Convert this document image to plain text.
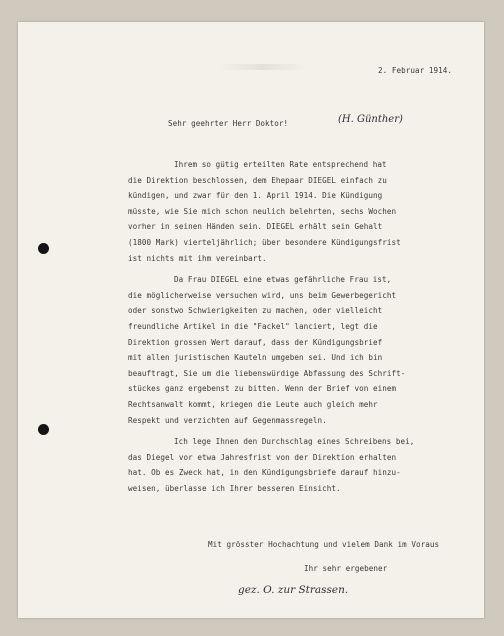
2. Februar 1914.

Sehr geehrter Herr Doktor!	(H. Günther)

Ihrem so gütig erteilten Rate entsprechend hat
die Direktion beschlossen, dem Ehepaar DIEGEL einfach zu
kündigen, und zwar für den 1. April 1914. Die Kündigung
müsste, wie Sie mich schon neulich belehrten, sechs Wochen
vorher in seinen Händen sein. DIEGEL erhält sein Gehalt
(1800 Mark) vierteljährlich; über besondere Kündigungsfrist
ist nichts mit ihm vereinbart.
Da Frau DIEGEL eine etwas gefährliche Frau ist,
die möglicherweise versuchen wird, uns beim Gewerbegericht
oder sonstwo Schwierigkeiten zu machen, oder vielleicht
freundliche Artikel in die "Fackel" lanciert, legt die
Direktion grossen Wert darauf, dass der Kündigungsbrief
mit allen juristischen Kauteln umgeben sei. Und ich bin
beauftragt, Sie um die liebenswürdige Abfassung des Schrift-
stückes ganz ergebenst zu bitten. Wenn der Brief von einem
Rechtsanwalt kommt, kriegen die Leute auch gleich mehr
Respekt und verzichten auf Gegenmassregeln.
Ich lege Ihnen den Durchschlag eines Schreibens bei,
das Diegel vor etwa Jahresfrist von der Direktion erhalten
hat. Ob es Zweck hat, in den Kündigungsbriefe darauf hinzu-
weisen, überlasse ich Ihrer besseren Einsicht.

Mit grösster Hochachtung und vielem Dank im Voraus

Ihr sehr ergebener

gez. O. zur Strassen.
